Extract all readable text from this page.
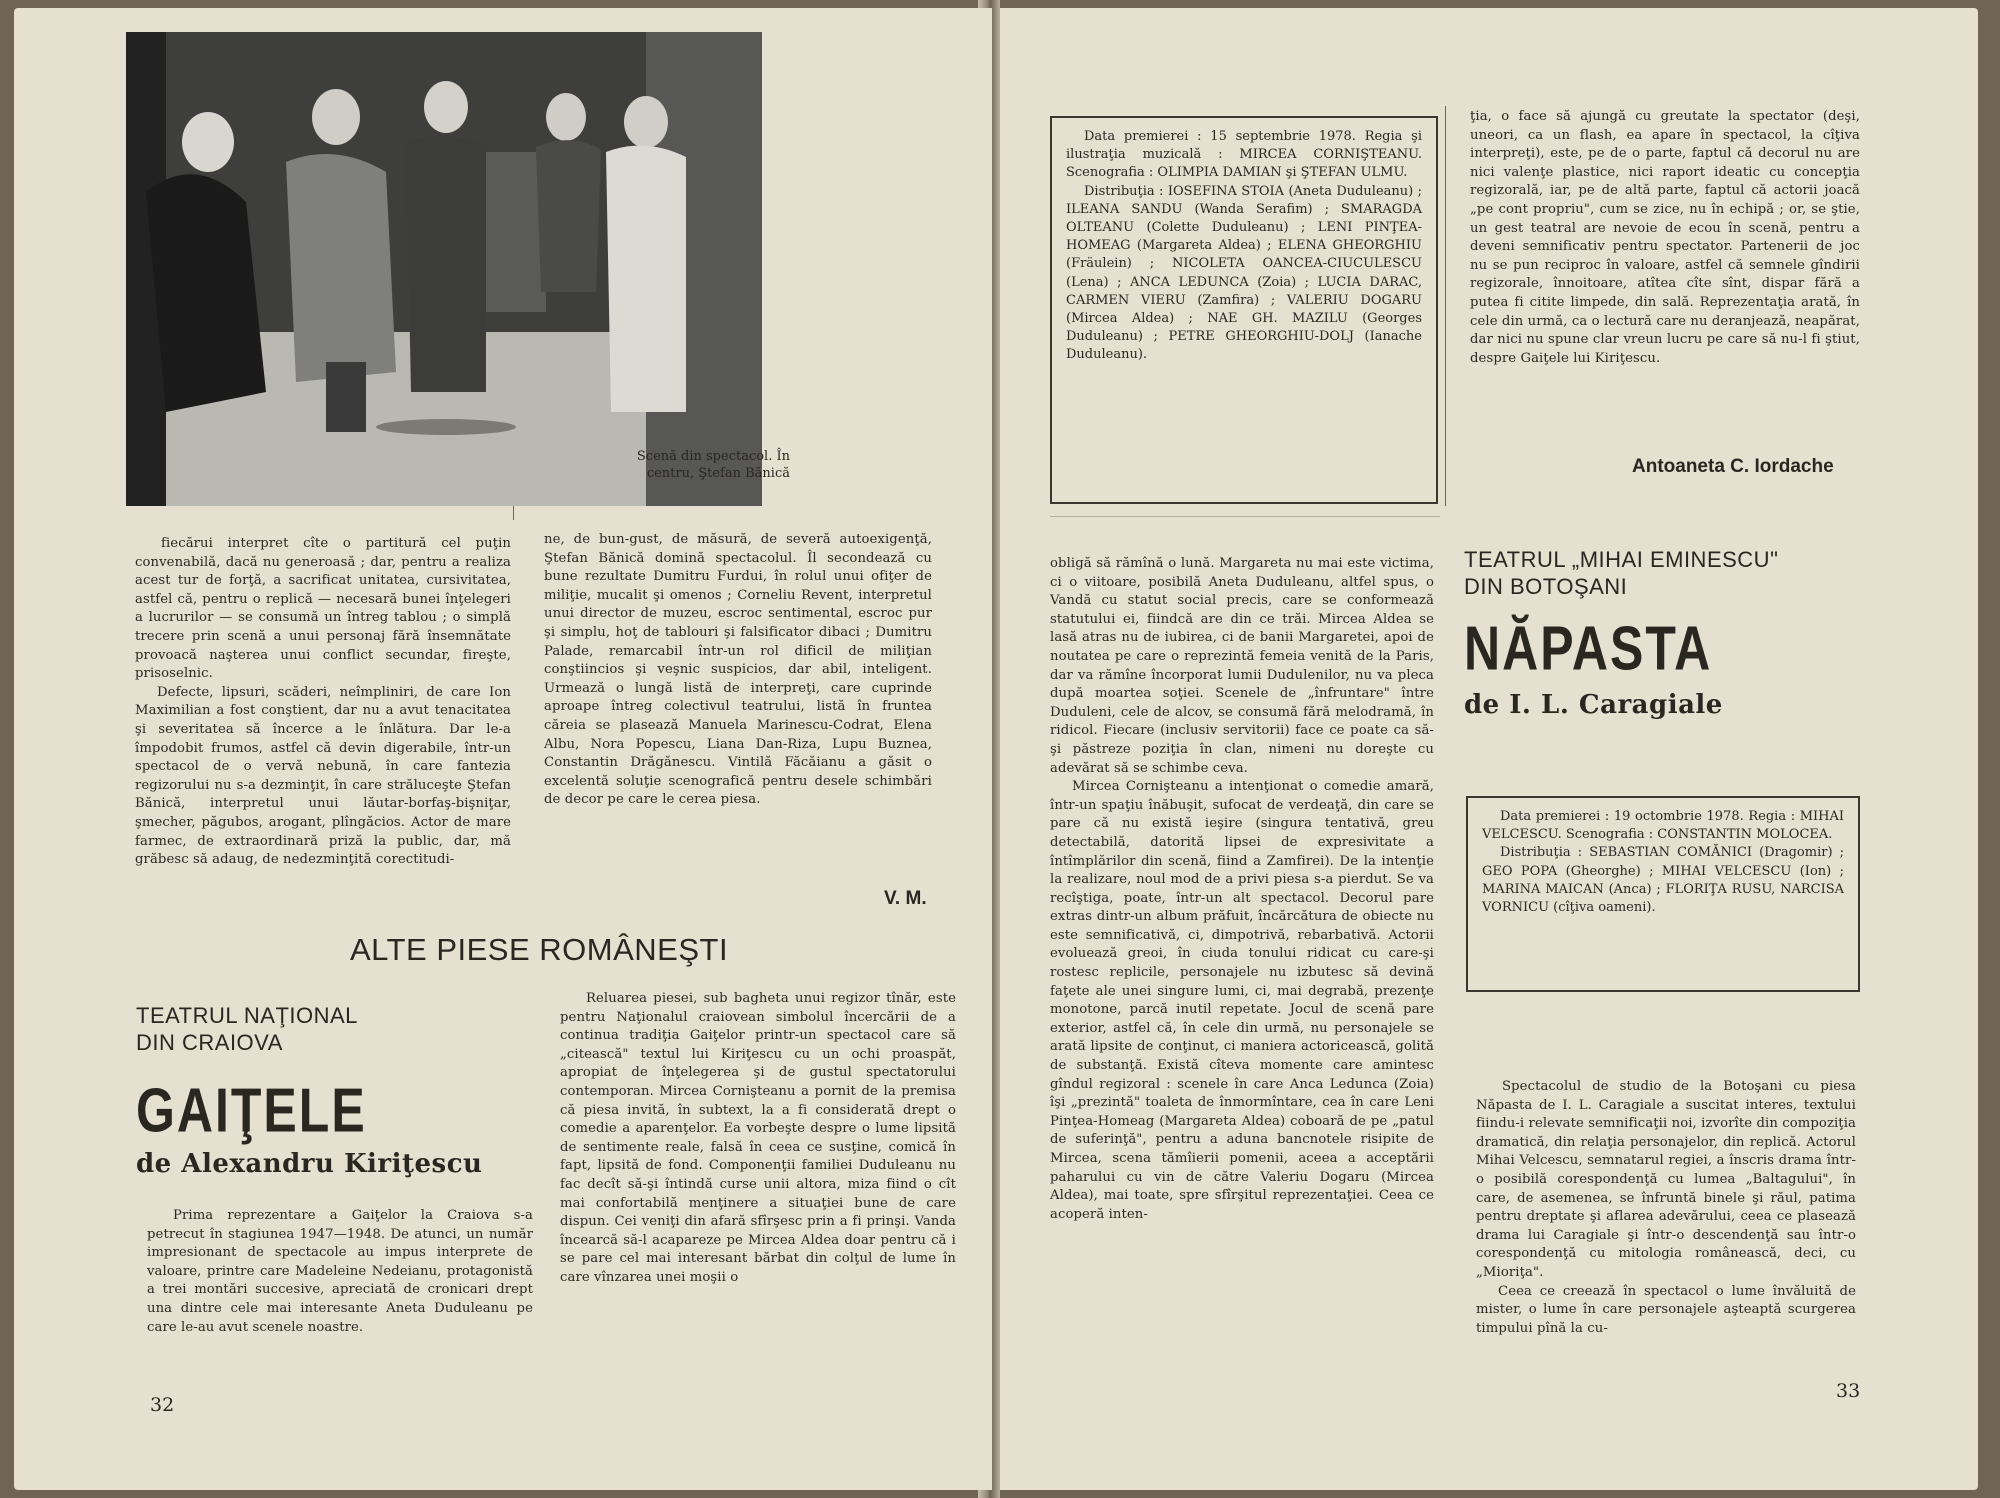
Scenă din spectacol. În centru, Ştefan Bănică

fiecărui interpret cîte o partitură cel puţin convenabilă, dacă nu generoasă ; dar, pentru a realiza acest tur de forţă, a sacrificat unitatea, cursivitatea, astfel că, pentru o replică — necesară bunei înţelegeri a lucrurilor — se consumă un întreg tablou ; o simplă trecere prin scenă a unui personaj fără însemnătate provoacă naşterea unui conflict secundar, fireşte, prisoselnic.

Defecte, lipsuri, scăderi, neîmpliniri, de care Ion Maximilian a fost conştient, dar nu a avut tenacitatea şi severitatea să încerce a le înlătura. Dar le-a împodobit frumos, astfel că devin digerabile, într-un spectacol de o vervă nebună, în care fantezia regizorului nu s-a dezminţit, în care străluceşte Ştefan Bănică, interpretul unui lăutar-borfaş-bişniţar, şmecher, păgubos, arogant, plîngăcios. Actor de mare farmec, de extraordinară priză la public, dar, mă grăbesc să adaug, de nedezminţită corectitudi-

ne, de bun-gust, de măsură, de severă autoexigenţă, Ştefan Bănică domină spectacolul. Îl secondează cu bune rezultate Dumitru Furdui, în rolul unui ofiţer de miliţie, mucalit şi omenos ; Corneliu Revent, interpretul unui director de muzeu, escroc sentimental, escroc pur şi simplu, hoţ de tablouri şi falsificator dibaci ; Dumitru Palade, remarcabil într-un rol dificil de miliţian conştiincios şi veşnic suspicios, dar abil, inteligent. Urmează o lungă listă de interpreţi, care cuprinde aproape întreg colectivul teatrului, listă în fruntea căreia se plasează Manuela Marinescu-Codrat, Elena Albu, Nora Popescu, Liana Dan-Riza, Lupu Buznea, Constantin Drăgănescu. Vintilă Făcăianu a găsit o excelentă soluţie scenografică pentru desele schimbări de decor pe care le cerea piesa.

V. M.
ALTE PIESE ROMÂNEŞTI
TEATRUL NAŢIONAL
DIN CRAIOVA
GAIŢELE
de Alexandru Kiriţescu

Prima reprezentare a Gaiţelor la Craiova s-a petrecut în stagiunea 1947—1948. De atunci, un număr impresionant de spectacole au impus interprete de valoare, printre care Madeleine Nedeianu, protagonistă a trei montări succesive, apreciată de cronicari drept una dintre cele mai interesante Aneta Duduleanu pe care le-au avut scenele noastre.

Reluarea piesei, sub bagheta unui regizor tînăr, este pentru Naţionalul craiovean simbolul încercării de a continua tradiţia Gaiţelor printr-un spectacol care să „citească" textul lui Kiriţescu cu un ochi proaspăt, apropiat de înţelegerea şi de gustul spectatorului contemporan. Mircea Cornişteanu a pornit de la premisa că piesa invită, în subtext, la a fi considerată drept o comedie a aparenţelor. Ea vorbeşte despre o lume lipsită de sentimente reale, falsă în ceea ce susţine, comică în fapt, lipsită de fond. Componenţii familiei Duduleanu nu fac decît să-şi întindă curse unii altora, miza fiind o cît mai confortabilă menţinere a situaţiei bune de care dispun. Cei veniţi din afară sfîrşesc prin a fi prinşi. Vanda încearcă să-l acapareze pe Mircea Aldea doar pentru că i se pare cel mai interesant bărbat din colţul de lume în care vînzarea unei moşii o

32

Data premierei : 15 septembrie 1978. Regia şi ilustraţia muzicală : MIRCEA CORNIŞTEANU. Scenografia : OLIMPIA DAMIAN şi ŞTEFAN ULMU.

Distribuţia : IOSEFINA STOIA (Aneta Duduleanu) ; ILEANA SANDU (Wanda Serafim) ; SMARAGDA OLTEANU (Colette Duduleanu) ; LENI PINŢEA-HOMEAG (Margareta Aldea) ; ELENA GHEORGHIU (Fräulein) ; NICOLETA OANCEA-CIUCULESCU (Lena) ; ANCA LEDUNCA (Zoia) ; LUCIA DARAC, CARMEN VIERU (Zamfira) ; VALERIU DOGARU (Mircea Aldea) ; NAE GH. MAZILU (Georges Duduleanu) ; PETRE GHEORGHIU-DOLJ (Ianache Duduleanu).

ţia, o face să ajungă cu greutate la spectator (deşi, uneori, ca un flash, ea apare în spectacol, la cîţiva interpreţi), este, pe de o parte, faptul că decorul nu are nici valenţe plastice, nici raport ideatic cu concepţia regizorală, iar, pe de altă parte, faptul că actorii joacă „pe cont propriu", cum se zice, nu în echipă ; or, se ştie, un gest teatral are nevoie de ecou în scenă, pentru a deveni semnificativ pentru spectator. Partenerii de joc nu se pun reciproc în valoare, astfel că semnele gîndirii regizorale, înnoitoare, atîtea cîte sînt, dispar fără a putea fi citite limpede, din sală. Reprezentaţia arată, în cele din urmă, ca o lectură care nu deranjează, neapărat, dar nici nu spune clar vreun lucru pe care să nu-l fi ştiut, despre Gaiţele lui Kiriţescu.

Antoaneta C. Iordache

obligă să rămînă o lună. Margareta nu mai este victima, ci o viitoare, posibilă Aneta Duduleanu, altfel spus, o Vandă cu statut social precis, care se conformează statutului ei, fiindcă are din ce trăi. Mircea Aldea se lasă atras nu de iubirea, ci de banii Margaretei, apoi de noutatea pe care o reprezintă femeia venită de la Paris, dar va rămîne încorporat lumii Dudulenilor, nu va pleca după moartea soţiei. Scenele de „înfruntare" între Duduleni, cele de alcov, se consumă fără melodramă, în ridicol. Fiecare (inclusiv servitorii) face ce poate ca să-şi păstreze poziţia în clan, nimeni nu doreşte cu adevărat să se schimbe ceva.

Mircea Cornişteanu a intenţionat o comedie amară, într-un spaţiu înăbuşit, sufocat de verdeaţă, din care se pare că nu există ieşire (singura tentativă, greu detectabilă, datorită lipsei de expresivitate a întîmplărilor din scenă, fiind a Zamfirei). De la intenţie la realizare, noul mod de a privi piesa s-a pierdut. Se va recîştiga, poate, într-un alt spectacol. Decorul pare extras dintr-un album prăfuit, încărcătura de obiecte nu este semnificativă, ci, dimpotrivă, rebarbativă. Actorii evoluează greoi, în ciuda tonului ridicat cu care-şi rostesc replicile, personajele nu izbutesc să devină faţete ale unei singure lumi, ci, mai degrabă, prezenţe monotone, parcă inutil repetate. Jocul de scenă pare exterior, astfel că, în cele din urmă, nu personajele se arată lipsite de conţinut, ci maniera actoricească, golită de substanţă. Există cîteva momente care amintesc gîndul regizoral : scenele în care Anca Ledunca (Zoia) îşi „prezintă" toaleta de înmormîntare, cea în care Leni Pinţea-Homeag (Margareta Aldea) coboară de pe „patul de suferinţă", pentru a aduna bancnotele risipite de Mircea, scena tămîierii pomenii, aceea a acceptării paharului cu vin de către Valeriu Dogaru (Mircea Aldea), mai toate, spre sfîrşitul reprezentaţiei. Ceea ce acoperă inten-

TEATRUL „MIHAI EMINESCU"
DIN BOTOŞANI
NĂPASTA
de I. L. Caragiale

Data premierei : 19 octombrie 1978. Regia : MIHAI VELCESCU. Scenografia : CONSTANTIN MOLOCEA.

Distribuţia : SEBASTIAN COMĂNICI (Dragomir) ; GEO POPA (Gheorghe) ; MIHAI VELCESCU (Ion) ; MARINA MAICAN (Anca) ; FLORIŢA RUSU, NARCISA VORNICU (cîţiva oameni).

Spectacolul de studio de la Botoşani cu piesa Năpasta de I. L. Caragiale a suscitat interes, textului fiindu-i relevate semnificaţii noi, izvorîte din compoziţia dramatică, din relaţia personajelor, din replică. Actorul Mihai Velcescu, semnatarul regiei, a înscris drama într-o posibilă corespondenţă cu lumea „Baltagului", în care, de asemenea, se înfruntă binele şi răul, patima pentru dreptate şi aflarea adevărului, ceea ce plasează drama lui Caragiale şi într-o descendenţă sau într-o corespondenţă cu mitologia românească, deci, cu „Mioriţa".

Ceea ce creează în spectacol o lume învăluită de mister, o lume în care personajele aşteaptă scurgerea timpului pînă la cu-

33
